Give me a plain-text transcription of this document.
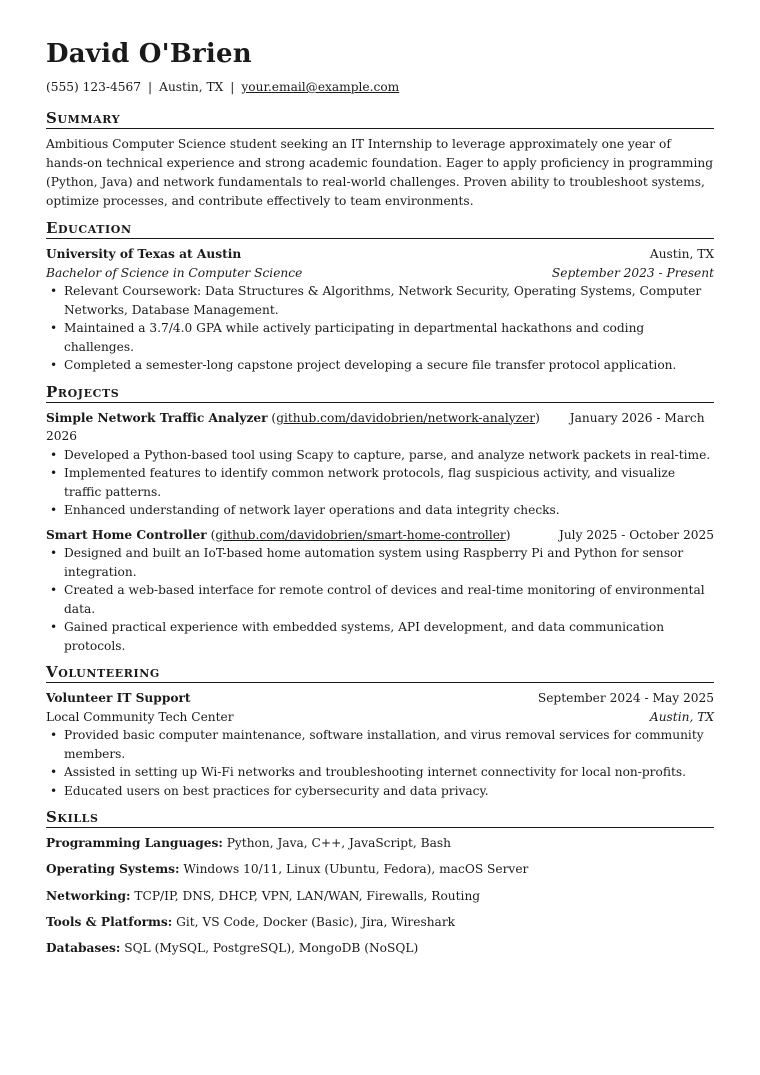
David O'Brien
(555) 123-4567 | Austin, TX | your.email@example.com
Summary

Ambitious Computer Science student seeking an IT Internship to leverage approximately one year of hands-on technical experience and strong academic foundation. Eager to apply proficiency in programming (Python, Java) and network fundamentals to real-world challenges. Proven ability to troubleshoot systems, optimize processes, and contribute effectively to team environments.

Education
University of Texas at Austin	Austin, TX
Bachelor of Science in Computer Science	September 2023 - Present
• Relevant Coursework: Data Structures & Algorithms, Network Security, Operating Systems, Computer Networks, Database Management.
• Maintained a 3.7/4.0 GPA while actively participating in departmental hackathons and coding challenges.
• Completed a semester-long capstone project developing a secure file transfer protocol application.
Projects
Simple Network Traffic Analyzer (github.com/davidobrien/network-analyzer) January 2026 - March 2026
• Developed a Python-based tool using Scapy to capture, parse, and analyze network packets in real-time.
• Implemented features to identify common network protocols, flag suspicious activity, and visualize traffic patterns.
• Enhanced understanding of network layer operations and data integrity checks.
Smart Home Controller (github.com/davidobrien/smart-home-controller)	July 2025 - October 2025
• Designed and built an IoT-based home automation system using Raspberry Pi and Python for sensor integration.
• Created a web-based interface for remote control of devices and real-time monitoring of environmental data.
• Gained practical experience with embedded systems, API development, and data communication protocols.
Volunteering
Volunteer IT Support	September 2024 - May 2025
Local Community Tech Center	Austin, TX
• Provided basic computer maintenance, software installation, and virus removal services for community members.
• Assisted in setting up Wi-Fi networks and troubleshooting internet connectivity for local non-profits.
• Educated users on best practices for cybersecurity and data privacy.
Skills
Programming Languages: Python, Java, C++, JavaScript, Bash
Operating Systems: Windows 10/11, Linux (Ubuntu, Fedora), macOS Server
Networking: TCP/IP, DNS, DHCP, VPN, LAN/WAN, Firewalls, Routing
Tools & Platforms: Git, VS Code, Docker (Basic), Jira, Wireshark
Databases: SQL (MySQL, PostgreSQL), MongoDB (NoSQL)
